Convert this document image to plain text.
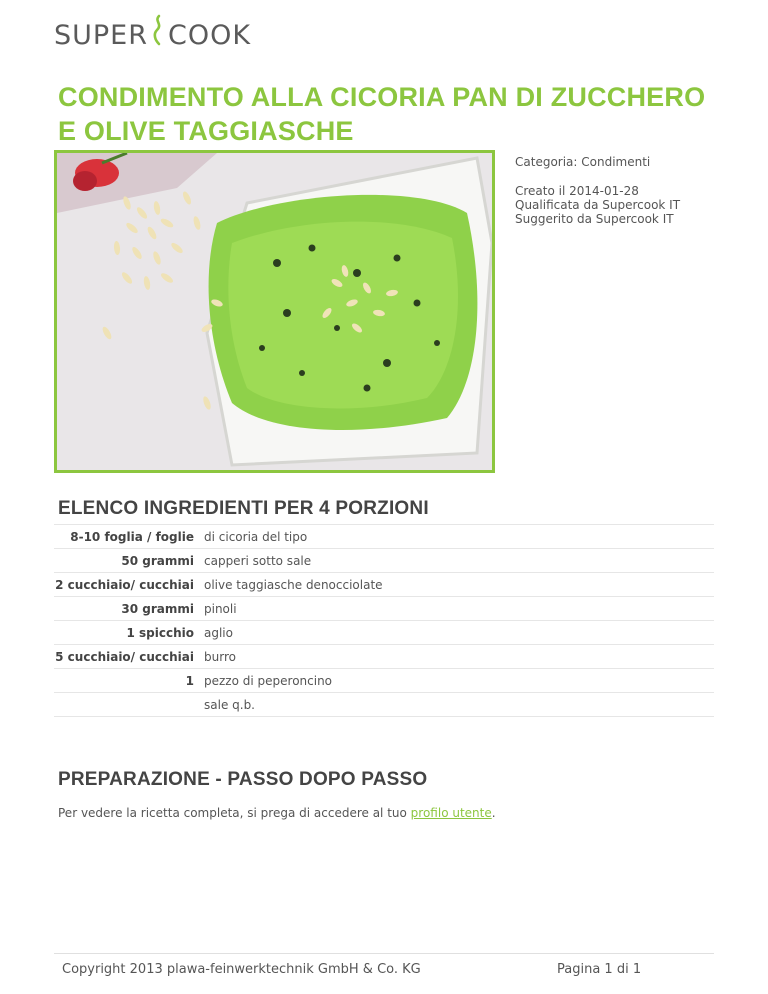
SUPER COOK
CONDIMENTO ALLA CICORIA PAN DI ZUCCHERO E OLIVE TAGGIASCHE
Categoria: Condimenti
Creato il 2014-01-28
Qualificata da Supercook IT
Suggerito da Supercook IT
ELENCO INGREDIENTI PER 4 PORZIONI
8-10 foglia / foglie	di cicoria del tipo
50 grammi	capperi sotto sale
2 cucchiaio/ cucchiai	olive taggiasche denocciolate
30 grammi	pinoli
1 spicchio	aglio
5 cucchiaio/ cucchiai	burro
1	pezzo di peperoncino
	sale q.b.
PREPARAZIONE - PASSO DOPO PASSO

Per vedere la ricetta completa, si prega di accedere al tuo profilo utente.

Copyright 2013 plawa-feinwerktechnik GmbH & Co. KG	Pagina 1 di 1
